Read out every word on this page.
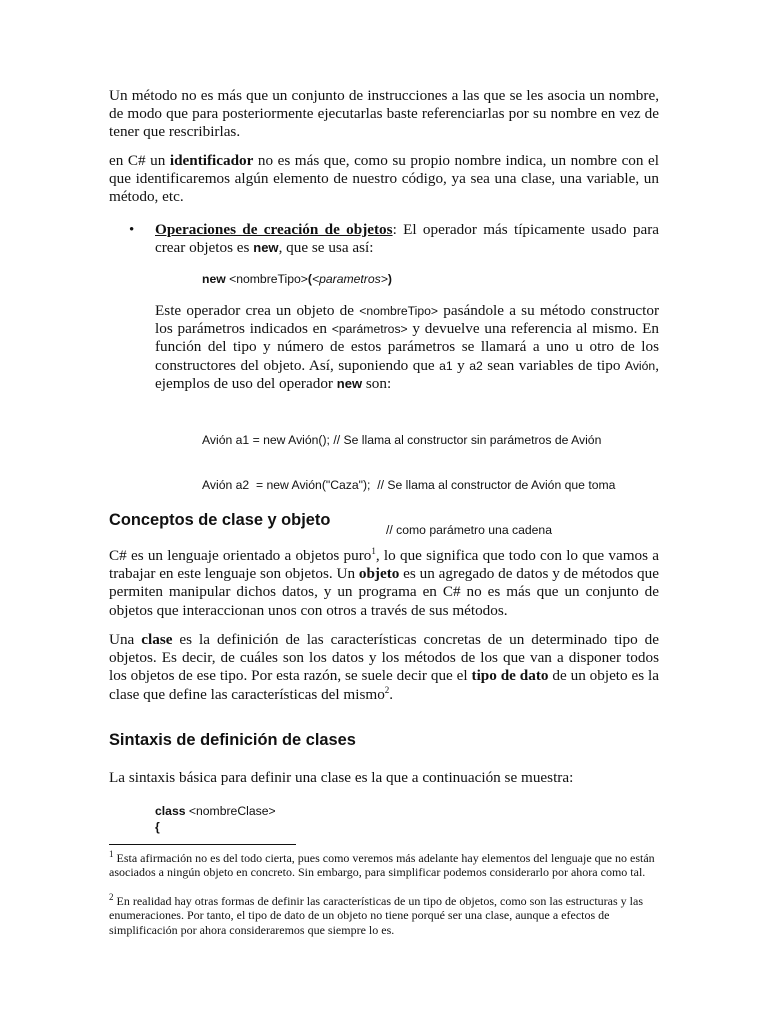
Un método no es más que un conjunto de instrucciones a las que se les asocia un nombre, de modo que para posteriormente ejecutarlas baste referenciarlas por su nombre en vez de tener que rescribirlas.
en C# un identificador no es más que, como su propio nombre indica, un nombre con el que identificaremos algún elemento de nuestro código, ya sea una clase, una variable, un método, etc.
• Operaciones de creación de objetos: El operador más típicamente usado para crear objetos es new, que se usa así:
new <nombreTipo>(<parametros>)
Este operador crea un objeto de <nombreTipo> pasándole a su método constructor los parámetros indicados en <parámetros> y devuelve una referencia al mismo. En función del tipo y número de estos parámetros se llamará a uno u otro de los constructores del objeto. Así, suponiendo que a1 y a2 sean variables de tipo Avión, ejemplos de uso del operador new son:

Avión a1 = new Avión(); // Se llama al constructor sin parámetros de Avión

Avión a2  = new Avión("Caza");  // Se llama al constructor de Avión que toma

// como parámetro una cadena

Conceptos de clase y objeto
C# es un lenguaje orientado a objetos puro$^1$, lo que significa que todo con lo que vamos a trabajar en este lenguaje son objetos. Un objeto es un agregado de datos y de métodos que permiten manipular dichos datos, y un programa en C# no es más que un conjunto de objetos que interaccionan unos con otros a través de sus métodos.
Una clase es la definición de las características concretas de un determinado tipo de objetos. Es decir, de cuáles son los datos y los métodos de los que van a disponer todos los objetos de ese tipo. Por esta razón, se suele decir que el tipo de dato de un objeto es la clase que define las características del mismo$^2$.
Sintaxis de definición de clases
La sintaxis básica para definir una clase es la que a continuación se muestra:
class <nombreClase>
{
$^1$ Esta afirmación no es del todo cierta, pues como veremos más adelante hay elementos del lenguaje que no están asociados a ningún objeto en concreto. Sin embargo, para simplificar podemos considerarlo por ahora como tal.
$^2$ En realidad hay otras formas de definir las características de un tipo de objetos, como son las estructuras y las enumeraciones. Por tanto, el tipo de dato de un objeto no tiene porqué ser una clase, aunque a efectos de simplificación por ahora consideraremos que siempre lo es.
